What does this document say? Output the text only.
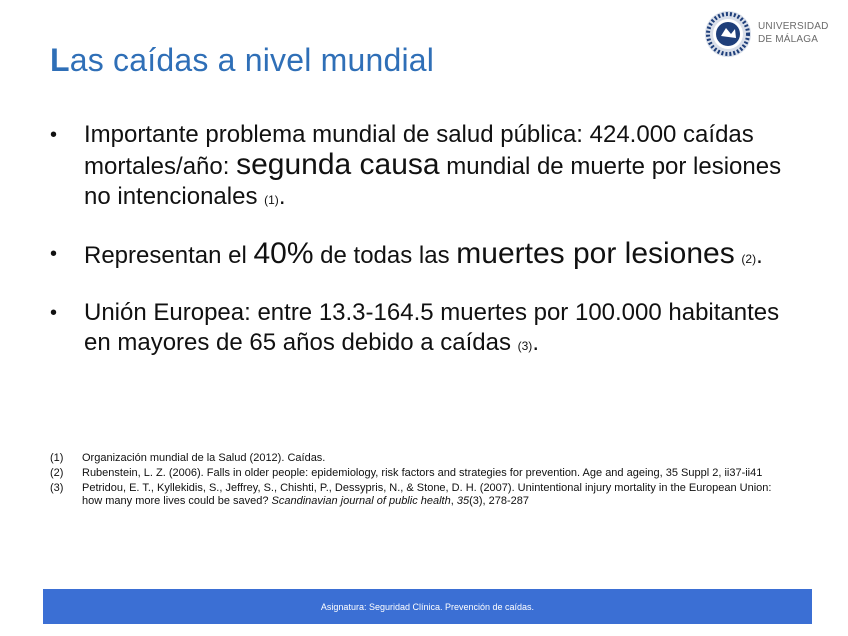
UNIVERSIDAD
DE MÁLAGA
Las caídas a nivel mundial
•	Importante problema mundial de salud pública: 424.000 caídas mortales/año: segunda causa mundial de muerte por lesiones no intencionales (1).
•	Representan el 40% de todas las muertes por lesiones (2).
•	Unión Europea: entre 13.3-164.5 muertes por 100.000 habitantes en mayores de 65 años debido a caídas (3).
(1)	Organización mundial de la Salud (2012). Caídas.
(2)	Rubenstein, L. Z. (2006). Falls in older people: epidemiology, risk factors and strategies for prevention. Age and ageing, 35 Suppl 2, ii37-ii41
(3)	Petridou, E. T., Kyllekidis, S., Jeffrey, S., Chishti, P., Dessypris, N., & Stone, D. H. (2007). Unintentional injury mortality in the European Union: how many more lives could be saved? Scandinavian journal of public health, 35(3), 278-287
Asignatura: Seguridad Clínica. Prevención de caídas.
